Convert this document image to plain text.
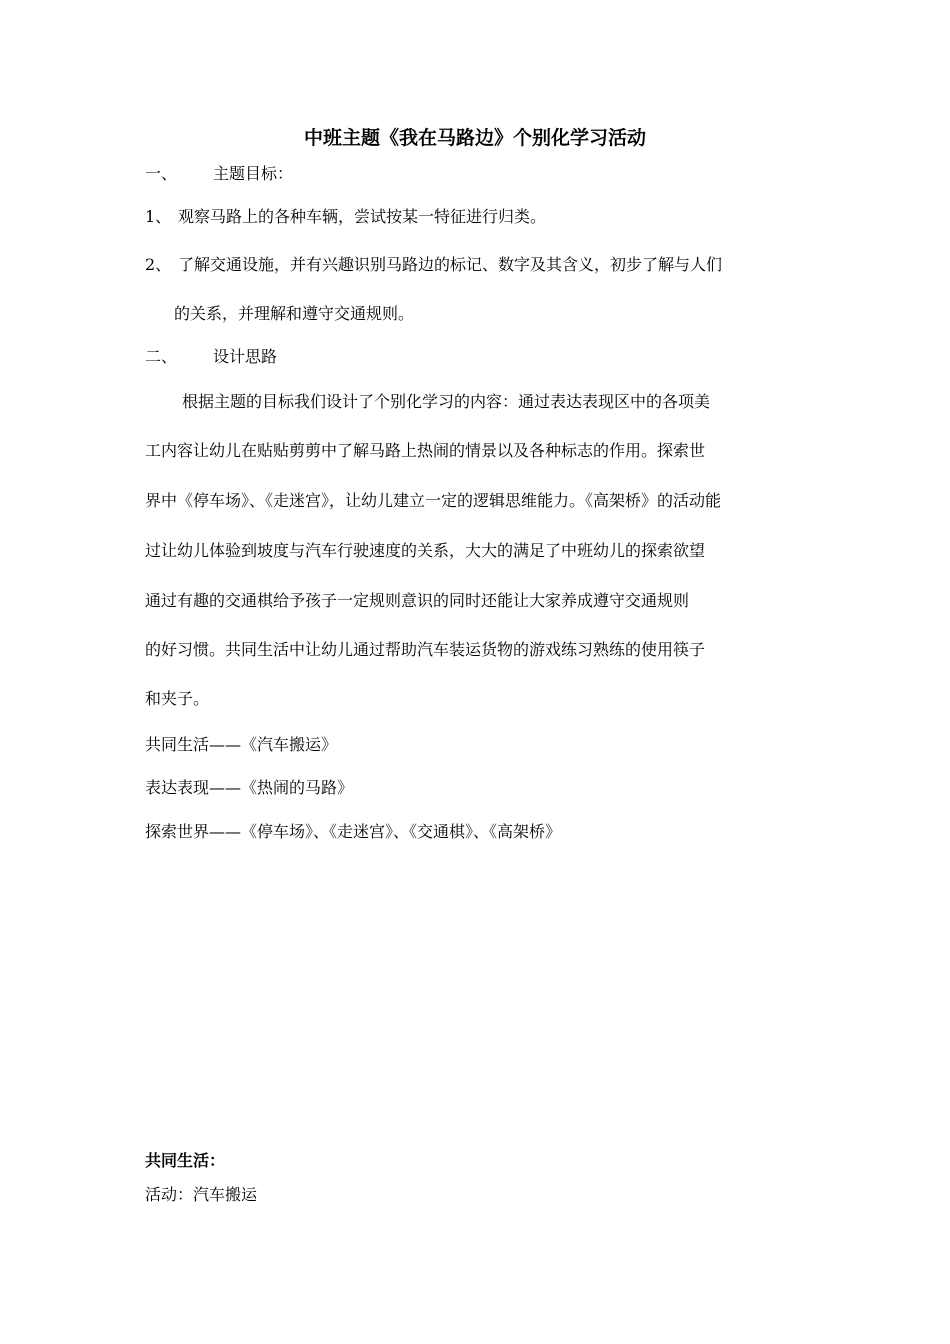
中班主题《我在马路边》个别化学习活动
一、 主题目标：
1、 观察马路上的各种车辆，尝试按某一特征进行归类。
2、 了解交通设施，并有兴趣识别马路边的标记、数字及其含义，初步了解与人们
的关系，并理解和遵守交通规则。
二、 设计思路
根据主题的目标我们设计了个别化学习的内容：通过表达表现区中的各项美
工内容让幼儿在贴贴剪剪中了解马路上热闹的情景以及各种标志的作用。探索世
界中《停车场》、《走迷宫》，让幼儿建立一定的逻辑思维能力。《高架桥》的活动能
过让幼儿体验到坡度与汽车行驶速度的关系，大大的满足了中班幼儿的探索欲望
通过有趣的交通棋给予孩子一定规则意识的同时还能让大家养成遵守交通规则
的好习惯。共同生活中让幼儿通过帮助汽车装运货物的游戏练习熟练的使用筷子
和夹子。
共同生活——《汽车搬运》
表达表现——《热闹的马路》
探索世界——《停车场》、《走迷宫》、《交通棋》、《高架桥》
共同生活：
活动：汽车搬运
